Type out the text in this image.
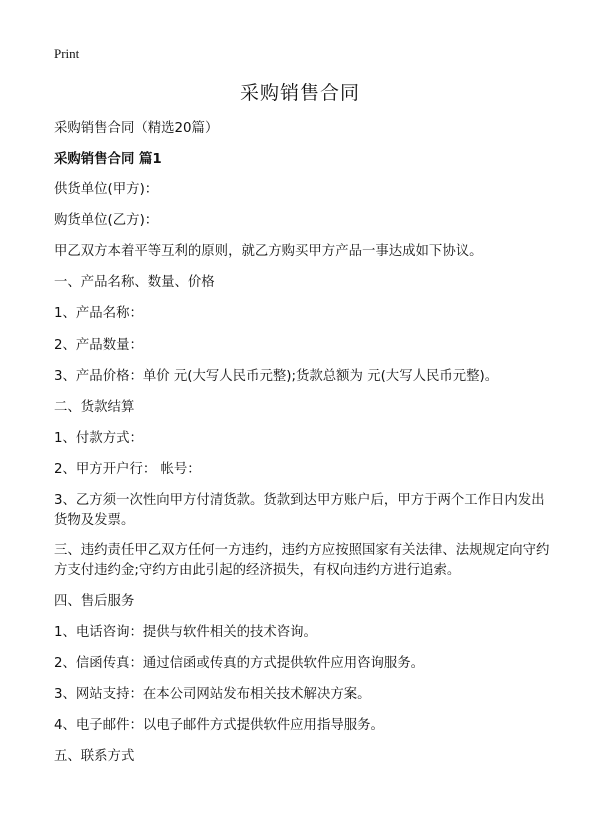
Print
采购销售合同
采购销售合同（精选20篇）
采购销售合同 篇1
供货单位(甲方)：
购货单位(乙方)：
甲乙双方本着平等互利的原则，就乙方购买甲方产品一事达成如下协议。
一、产品名称、数量、价格
1、产品名称：
2、产品数量：
3、产品价格：单价 元(大写人民币元整);货款总额为 元(大写人民币元整)。
二、货款结算
1、付款方式：
2、甲方开户行： 帐号：
3、乙方须一次性向甲方付清货款。货款到达甲方账户后，甲方于两个工作日内发出货物及发票。
三、违约责任甲乙双方任何一方违约，违约方应按照国家有关法律、法规规定向守约方支付违约金;守约方由此引起的经济损失，有权向违约方进行追索。
四、售后服务
1、电话咨询：提供与软件相关的技术咨询。
2、信函传真：通过信函或传真的方式提供软件应用咨询服务。
3、网站支持：在本公司网站发布相关技术解决方案。
4、电子邮件：以电子邮件方式提供软件应用指导服务。
五、联系方式
